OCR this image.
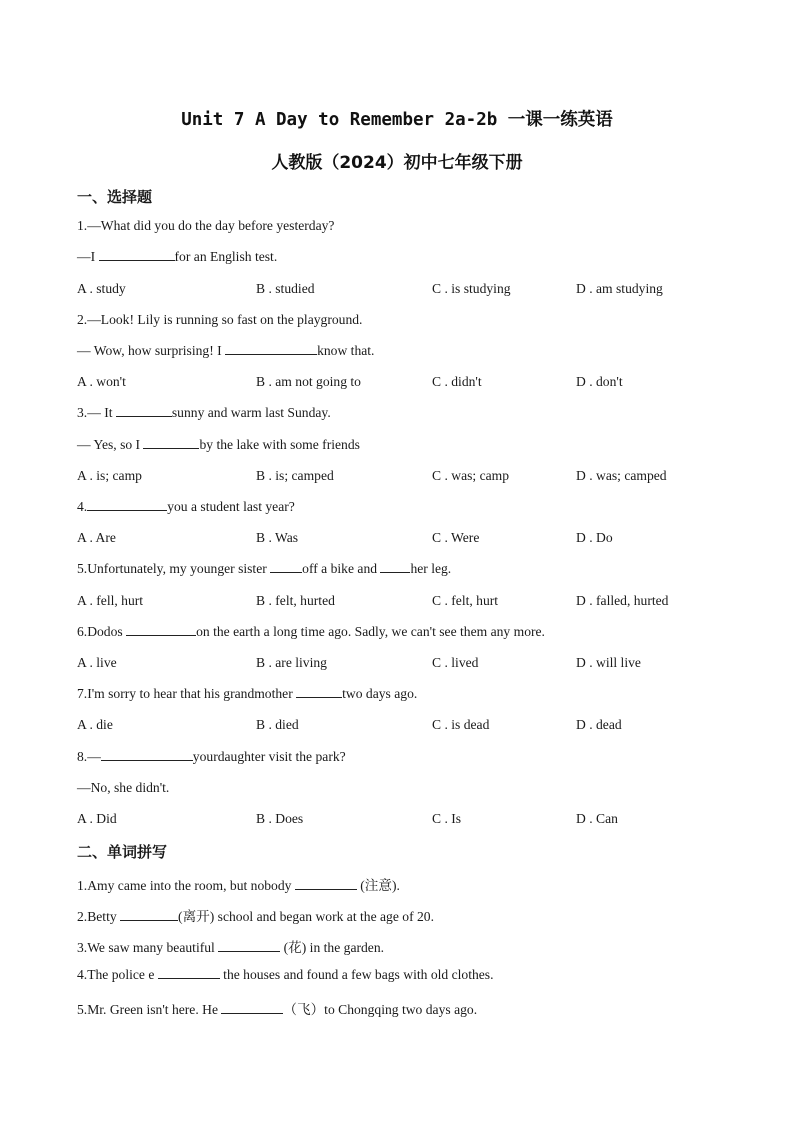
Unit 7 A Day to Remember 2a-2b 一课一练英语
人教版（2024）初中七年级下册
一、选择题
1.—What did you do the day before yesterday?
—I	for an English test.
A . study	B . studied	C . is studying	D . am studying
2.—Look! Lily is running so fast on the playground.
— Wow, how surprising! I	know that.
A . won't	B . am not going to	C . didn't	D . don't
3.— It	sunny and warm last Sunday.
— Yes, so I	by the lake with some friends
A . is; camp	B . is; camped	C . was; camp	D . was; camped
4.	you a student last year?
A . Are	B . Was	C . Were	D . Do
5.Unfortunately, my younger sister off a bike and her leg.
A . fell, hurt	B . felt, hurted	C . felt, hurt	D . falled, hurted
6.Dodos	on the earth a long time ago. Sadly, we can't see them any more.
A . live	B . are living	C . lived	D . will live
7.I'm sorry to hear that his grandmother	two days ago.
A . die	B . died	C . is dead	D . dead
8.—	yourdaughter visit the park?
—No, she didn't.
A . Did	B . Does	C . Is	D . Can
二、单词拼写
1.Amy came into the room, but nobody	(注意).
2.Betty	(离开) school and began work at the age of 20.
3.We saw many beautiful	(花) in the garden.
4.The police e	the houses and found a few bags with old clothes.
5.Mr. Green isn't here. He	（飞）to Chongqing two days ago.
